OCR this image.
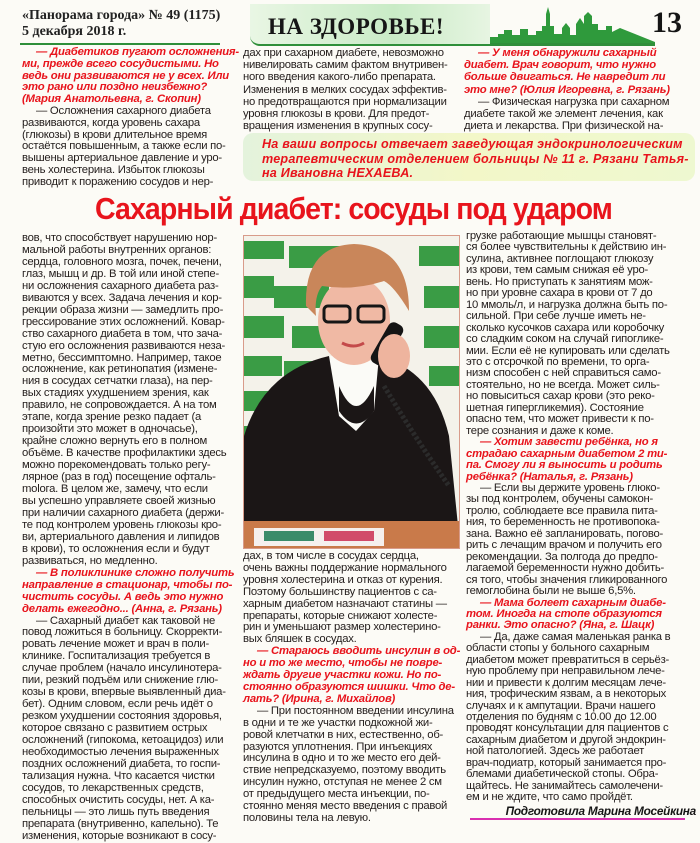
«Панорама города» № 49 (1175)
5 декабря 2018 г.	НА ЗДОРОВЬЕ!	13
— Диабетиков пугают осложнения-
ми, прежде всего сосудистыми. Но
ведь они развиваются не у всех. Или
это рано или поздно неизбежно?
(Мария Анатольевна, г. Скопин)
— Осложнения сахарного диабета
развиваются, когда уровень сахара
(глюкозы) в крови длительное время
остаётся повышенным, а также если по-
вышены артериальное давление и уро-
вень холестерина. Избыток глюкозы
приводит к поражению сосудов и нер-
дах при сахарном диабете, невозможно
нивелировать самим фактом внутривен-
ного введения какого-либо препарата.
Изменения в мелких сосудах эффектив-
но предотвращаются при нормализации
уровня глюкозы в крови. Для предот-
вращения изменения в крупных сосу-
— У меня обнаружили сахарный
диабет. Врач говорит, что нужно
больше двигаться. Не навредит ли
это мне? (Юлия Игоревна, г. Рязань)
— Физическая нагрузка при сахарном
диабете такой же элемент лечения, как
диета и лекарства. При физической на-
На ваши вопросы отвечает заведующая эндокринологическим
терапевтическим отделением больницы № 11 г. Рязани Татья-
на Ивановна НЕХАЕВА.
Сахарный диабет: сосуды под ударом
вов, что способствует нарушению нор-
мальной работы внутренних органов:
сердца, головного мозга, почек, печени,
глаз, мышц и др. В той или иной степе-
ни осложнения сахарного диабета раз-
виваются у всех. Задача лечения и кор-
рекции образа жизни — замедлить про-
грессирование этих осложнений. Ковар-
ство сахарного диабета в том, что зача-
стую его осложнения развиваются неза-
метно, бессимптомно. Например, такое
осложнение, как ретинопатия (измене-
ния в сосудах сетчатки глаза), на пер-
вых стадиях ухудшением зрения, как
правило, не сопровождается. А на том
этапе, когда зрение резко падает (а
произойти это может в одночасье),
крайне сложно вернуть его в полном
объёме. В качестве профилактики здесь
можно порекомендовать только регу-
лярное (раз в год) посещение офталь-
molога. В целом же, замечу, что если
вы успешно управляете своей жизнью
при наличии сахарного диабета (держи-
те под контролем уровень глюкозы кро-
ви, артериального давления и липидов
в крови), то осложнения если и будут
развиваться, но медленно.
— В поликлинике сложно получить
направление в стационар, чтобы по-
чистить сосуды. А ведь это нужно
делать ежегодно... (Анна, г. Рязань)
— Сахарный диабет как таковой не
повод ложиться в больницу. Скорректи-
ровать лечение может и врач в поли-
клинике. Госпитализация требуется в
случае проблем (начало инсулинотера-
пии, резкий подъём или снижение глю-
козы в крови, впервые выявленный диа-
бет). Одним словом, если речь идёт о
резком ухудшении состояния здоровья,
которое связано с развитием острых
осложнений (гипокома, кетоацидоз) или
необходимостью лечения выраженных
поздних осложнений диабета, то госпи-
тализация нужна. Что касается чистки
сосудов, то лекарственных средств,
способных очистить сосуды, нет. А ка-
пельницы — это лишь путь введения
препарата (внутривенно, капельно). Те
изменения, которые возникают в сосу-
дах, в том числе в сосудах сердца,
очень важны поддержание нормального
уровня холестерина и отказ от курения.
Поэтому большинству пациентов с са-
харным диабетом назначают статины —
препараты, которые снижают холесте-
рин и уменьшают размер холестерино-
вых бляшек в сосудах.
— Стараюсь вводить инсулин в од-
но и то же место, чтобы не повре-
ждать другие участки кожи. Но по-
стоянно образуются шишки. Что де-
лать? (Ирина, г. Михайлов)
— При постоянном введении инсулина
в одни и те же участки подкожной жи-
ровой клетчатки в них, естественно, об-
разуются уплотнения. При инъекциях
инсулина в одно и то же место его дей-
ствие непредсказуемо, поэтому вводить
инсулин нужно, отступая не менее 2 см
от предыдущего места инъекции, по-
стоянно меняя место введения с правой
половины тела на левую.
грузке работающие мышцы становят-
ся более чувствительны к действию ин-
сулина, активнее поглощают глюкозу
из крови, тем самым снижая её уро-
вень. Но приступать к занятиям мож-
но при уровне сахара в крови от 7 до
10 ммоль/л, и нагрузка должна быть по-
сильной. При себе лучше иметь не-
сколько кусочков сахара или коробочку
со сладким соком на случай гипоглике-
мии. Если её не купировать или сделать
это с отсрочкой по времени, то орга-
низм способен с ней справиться само-
стоятельно, но не всегда. Может силь-
но повыситься сахар крови (это реко-
шетная гипергликемия). Состояние
опасно тем, что может привести к по-
тере сознания и даже к коме.
— Хотим завести ребёнка, но я
страдаю сахарным диабетом 2 ти-
па. Смогу ли я выносить и родить
ребёнка? (Наталья, г. Рязань)
— Если вы держите уровень глюко-
зы под контролем, обучены самокон-
тролю, соблюдаете все правила пита-
ния, то беременность не противопока-
зана. Важно её запланировать, погово-
рить с лечащим врачом и получить его
рекомендации. За полгода до предпо-
лагаемой беременности нужно добить-
ся того, чтобы значения гликированного
гемоглобина были не выше 6,5%.
— Мама болеет сахарным диабе-
том. Иногда на стопе образуются
ранки. Это опасно? (Яна, г. Шацк)
— Да, даже самая маленькая ранка в
области стопы у больного сахарным
диабетом может превратиться в серьёз-
ную проблему при неправильном лече-
нии и привести к долгим месяцам лече-
ния, трофическим язвам, а в некоторых
случаях и к ампутации. Врачи нашего
отделения по будням с 10.00 до 12.00
проводят консультации для пациентов с
сахарным диабетом и другой эндокрин-
ной патологией. Здесь же работает
врач-подиатр, который занимается про-
блемами диабетической стопы. Обра-
щайтесь. Не занимайтесь самолечени-
ем и не ждите, что само пройдёт.
Подготовила Марина Мосейкина
